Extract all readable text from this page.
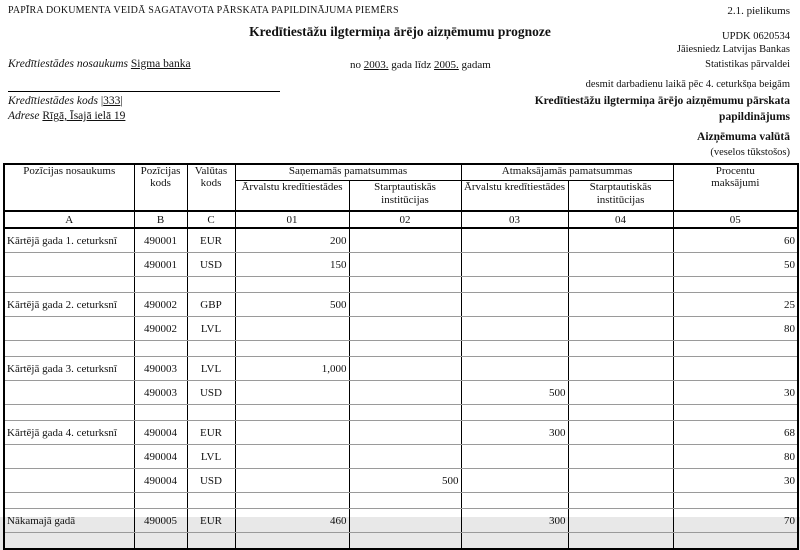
PAPĪRA DOKUMENTA VEIDĀ SAGATAVOTA PĀRSKATA PAPILDINĀJUMA PIEMĒRS	2.1. pielikums
Kredītiestāžu ilgtermiņa ārējo aizņēmumu prognoze	UPDK 0620534
Jāiesniedz Latvijas Bankas
Kredītiestādes nosaukums Sigma banka	no 2003. gada līdz 2005. gadam	Statistikas pārvaldei
desmit darbadienu laikā pēc 4. ceturkšņa beigām
Kredītiestādes kods |333|	Kredītiestāžu ilgtermiņa ārējo aizņēmumu pārskata
Adrese Rīgā, Īsajā ielā 19	papildinājums
Aizņēmuma valūtā
(veselos tūkstošos)
Pozīcijas nosaukums	Pozīcijas kods	Valūtas kods	Saņemamās pamatsummas		Atmaksājamās pamatsummas		Procentu maksājumi
			Ārvalstu kredītiestādes	Starptautiskās institūcijas	Ārvalstu kredītiestādes	Starptautiskās institūcijas	
A	B	C	01	02	03	04	05
Kārtējā gada 1. ceturksnī	490001	EUR	200				60
	490001	USD	150				50

Kārtējā gada 2. ceturksnī	490002	GBP	500				25
	490002	LVL					80

Kārtējā gada 3. ceturksnī	490003	LVL	1,000				
	490003	USD			500		30

Kārtējā gada 4. ceturksnī	490004	EUR			300		68
	490004	LVL					80
	490004	USD		500			30

Nākamajā gadā	490005	EUR	460		300		70
